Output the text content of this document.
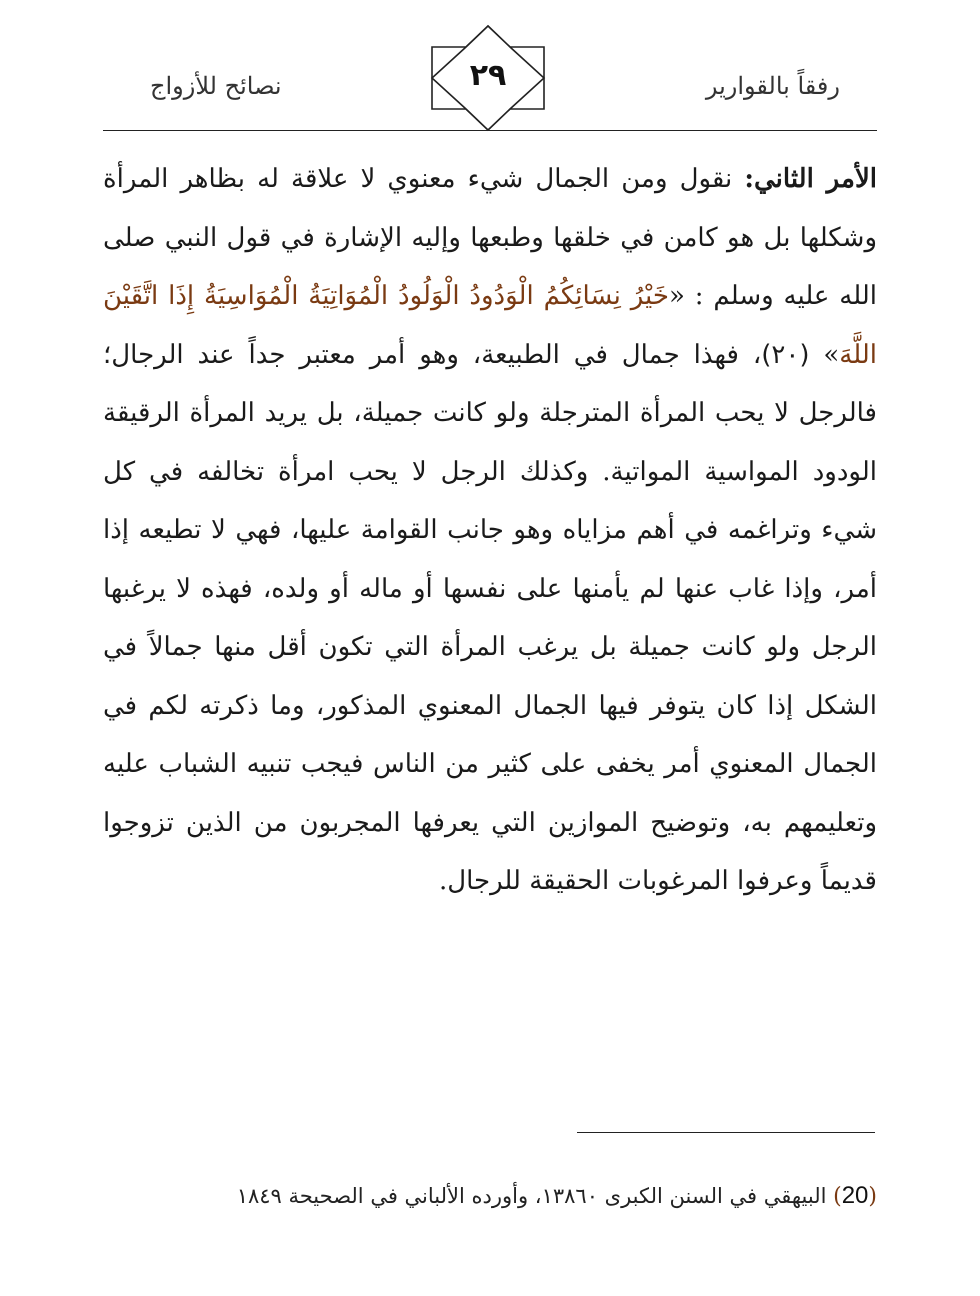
رفقاً بالقوارير
٢٩
نصائح للأزواج
الأمر الثاني: نقول ومن الجمال شيء معنوي لا علاقة له بظاهر المرأة وشكلها بل هو كامن في خلقها وطبعها وإليه الإشارة في قول النبي صلى الله عليه وسلم : «خَيْرُ نِسَائِكُمُ الْوَدُودُ الْوَلُودُ الْمُوَاتِيَةُ الْمُوَاسِيَةُ إِذَا اتَّقَيْنَ اللَّهَ» (٢٠)، فهذا جمال في الطبيعة، وهو أمر معتبر جداً عند الرجال؛ فالرجل لا يحب المرأة المترجلة ولو كانت جميلة، بل يريد المرأة الرقيقة الودود المواسية المواتية. وكذلك الرجل لا يحب امرأة تخالفه في كل شيء وتراغمه في أهم مزاياه وهو جانب القوامة عليها، فهي لا تطيعه إذا أمر، وإذا غاب عنها لم يأمنها على نفسها أو ماله أو ولده، فهذه لا يرغبها الرجل ولو كانت جميلة بل يرغب المرأة التي تكون أقل منها جمالاً في الشكل إذا كان يتوفر فيها الجمال المعنوي المذكور، وما ذكرته لكم في الجمال المعنوي أمر يخفى على كثير من الناس فيجب تنبيه الشباب عليه وتعليمهم به، وتوضيح الموازين التي يعرفها المجربون من الذين تزوجوا قديماً وعرفوا المرغوبات الحقيقة للرجال.
(20) البيهقي في السنن الكبرى ١٣٨٦٠، وأورده الألباني في الصحيحة ١٨٤٩
